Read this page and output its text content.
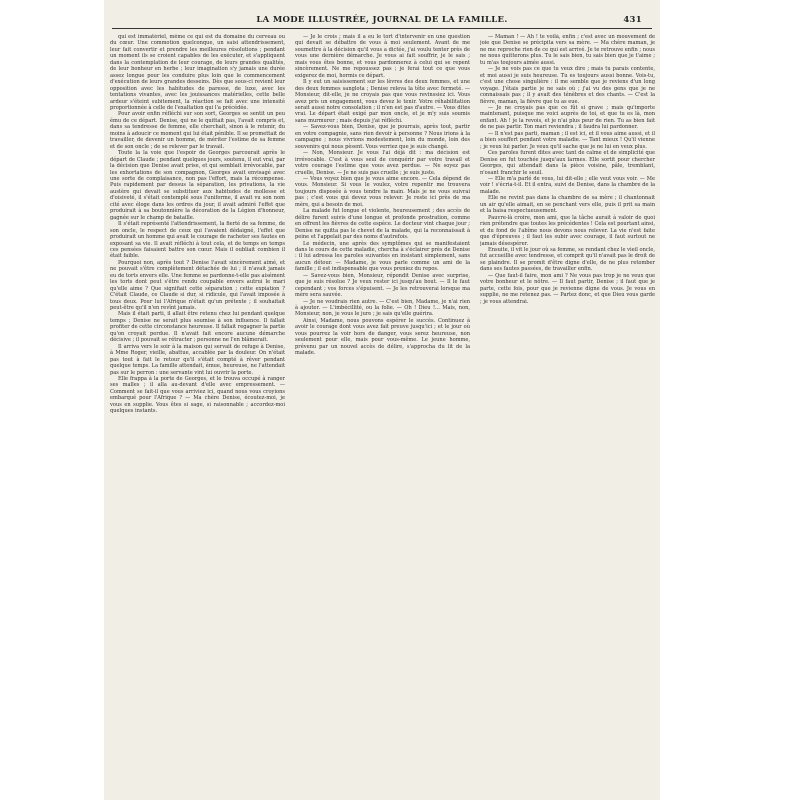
LA MODE ILLUSTRÉE, JOURNAL DE LA FAMILLE.	431

qui est immatériel, même ce qui est du domaine du cerveau ou du cœur. Une commotion quelconque, un saisi attendrissement, leur fait convertir et prendre les meilleures résolutions ; pendant un moment ils se croient capables de les exécuter, et s'appliquent dans la contemplation de leur courage, de leurs grandes qualités, de leur bonheur en herbe ; leur imagination s'y jamais une durée assez longue pour les conduire plus loin que le commencement d'exécution de leurs grandes desseins. Dès que sous-ci revient leur opposition avec les habitudes de paresse, de luxe, avec les tentations vivantes, avec les jouissances matérielles, cette belle ardeur s'éteint subitement, la réaction se fait avec une intensité proportionnée à celle de l'exaltation qui l'a précédée.

Pour avoir enfin réfléchi sur son sort, Georges se sentit un peu ému de ce départ. Denise, qui ne le quittait pas, l'avait compris et, dans sa tendresse de femme, elle cherchait, sinon à le retenir, du moins à adoucir ce moment qui lui était pénible. Il se promettait de travailler, de devenir un homme, de mériter l'estime de sa femme et de son oncle ; de se relever par le travail.

Toute la la voie que l'espoir de Georges parcourait après le départ de Claude ; pendant quelques jours, soutenu, il eut vrai, par la décision que Denise avait prise, et qui semblait irrévocable, par les exhortations de son compagnon, Georges avait envisagé avec une sorte de complaisance, non pas l'effort, mais la récompense. Puis rapidement par dessus la séparation, les privations, la vie austère qui devait se substituer aux habitudes de mollesse et d'oisiveté, il s'était contemplé sous l'uniforme, il avait vu son nom cité avec éloge dans les ordres du jour, il avait admiré l'effet que produirait à sa boutonnière la décoration de la Légion d'honneur, gagnée sur le champ de bataille.

Il s'était représenté l'attendrissement, la fierté de sa femme, de son oncle, le respect de ceux qui l'avaient dédaigné, l'effet que produirait un homme qui avait le courage de racheter ses fautes en exposant sa vie. Il avait réfléchi à tout cela, et de temps en temps ces pensées faisaient battre son cœur. Mais il oubliait combien il était faible.

Pourquoi non, après tout ? Denise l'avait sincèrement aimé, et ne pouvait s'être complètement détachée de lui ; il n'avait jamais eu de torts envers elle. Une femme se pardonne-t-elle pas aisément les torts dont peut s'être rendu coupable envers autrui le mari qu'elle aime ? Que signifiait cette séparation ; cette expiation ? C'était Claude, ce Claude si dur, si ridicule, qui l'avait imposée à tous deux. Pour lui l'Afrique n'était qu'un prétexte ; il souhaitait peut-être qu'il n'en revînt jamais.

Mais il était parti, il allait être retenu chez lui pendant quelque temps ; Denise ne serait plus soumise à son influence. Il fallait profiter de cette circonstance heureuse. Il fallait regagner la partie qu'on croyait perdue. Il n'avait fait encore aucune démarche décisive ; il pouvait se rétracter ; personne ne l'en blâmerait.

Il arriva vers le soir à la maison qui servait de refuge à Denise, à Mme Roger, vieille, abattue, accablée par la douleur. On n'était pas tout à fait le retour qu'il s'était compté à rêver pendant quelque temps. La famille attendait, émue, heureuse, ne l'attendait pas sur le perron : une servante vint lui ouvrir la porte.

Elle frappa à la porte de Georges, et le trouva occupé à ranger ses malles ; il alla au-devant d'elle avec empressement. — Comment se fait-il que vous arriviez ici, quand nous vous croyions embarqué pour l'Afrique ? — Ma chère Denise, écoutez-moi, je vous en supplie. Vous êtes si sage, si raisonnable ; accordez-moi quelques instants.

— Je le crois ; mais il a eu le tort d'intervenir en une question qui devait se débattre de vous à moi seulement. Avant de me soumettre à la décision qu'il vous a dictée, j'ai voulu tenter près de vous une dernière démarche. Je vous ai fait souffrir, je le sais ; mais vous êtes bonne, et vous pardonnerez à celui qui se repent sincèrement. Ne me repoussez pas ; je ferai tout ce que vous exigerez de moi, hormis ce départ.

Il y eut un saisissement sur les lèvres des deux femmes, et une des deux femmes sanglota ; Denise releva la tête avec fermeté. — Monsieur, dit-elle, je ne croyais pas que vous revinssiez ici. Vous avez pris un engagement, vous devez le tenir. Votre réhabilitation serait aussi notre consolation ; il n'en est pas d'autre. — Vous dites vrai. Le départ était exigé par mon oncle, et je m'y suis soumis sans murmurer ; mais depuis j'ai réfléchi.

— Savez-vous bien, Denise, que je pourrais, après tout, partir en votre compagnie, sans rien devoir à personne ? Nous irions à la campagne ; nous vivrions modestement, loin du monde, loin des souvenirs qui nous pèsent. Vous verriez que je suis changé.

— Non, Monsieur. Je vous l'ai déjà dit : ma décision est irrévocable. C'est à vous seul de conquérir par votre travail et votre courage l'estime que vous avez perdue. — Ne soyez pas cruelle, Denise. — Je ne suis pas cruelle ; je suis juste.

— Vous voyez bien que je vous aime encore. — Cela dépend de vous. Monsieur. Si vous le voulez, votre repentir me trouvera toujours disposée à vous tendre la main. Mais je ne vous suivrai pas ; c'est vous qui devez vous relever. Je reste ici près de ma mère, qui a besoin de moi.

La malade fut longue et violente, heureusement ; des accès de délire furent suivis d'une longue et profonde prostration, comme en offrent les fièvres de cette espèce. Le docteur vint chaque jour ; Denise ne quitta pas le chevet de la malade, qui la reconnaissait à peine et l'appelait par des noms d'autrefois.

Le médecin, une après des symptômes qui se manifestaient dans le cours de cette maladie, chercha à s'éclairer près de Denise : il lui adressa les paroles suivantes en insistant simplement, sans aucun détour. — Madame, je vous parle comme un ami de la famille ; il est indispensable que vous preniez du repos.

— Savez-vous bien, Monsieur, répondit Denise avec surprise, que je suis résolue ? Je veux rester ici jusqu'au bout. — Il le faut cependant ; vos forces s'épuisent. — Je les retrouverai lorsque ma mère sera sauvée.

— Je ne voudrais rien autre. — C'est bien, Madame, je n'ai rien à ajouter. — L'imbécillité, ou la folie. — Oh ! Dieu !... Mais, non, Monsieur, non, je vous le jure ; je sais qu'elle guérira.

Ainsi, Madame, nous pouvons espérer le succès. Continuez à avoir le courage dont vous avez fait preuve jusqu'ici ; et le jour où vous pourrez la voir hors de danger, vous serez heureuse, non seulement pour elle, mais pour vous-même. Le jeune homme, prévenu par un nouvel accès de délire, s'approcha du lit de la malade.

— Maman ! — Ah ! te voilà, enfin ; c'est avec un mouvement de joie que Denise se précipita vers sa mère. — Ma chère maman, je ne me reproche rien de ce qui est arrivé. Je te retrouve enfin ; nous ne nous quitterons plus. Tu le sais bien, tu sais bien que je t'aime ; tu m'as toujours aimée aussi.

— Je ne vois pas ce que tu veux dire ; mais tu parais contente, et moi aussi je suis heureuse. Tu es toujours aussi bonne. Vois-tu, c'est une chose singulière : il me semble que je reviens d'un long voyage. J'étais partie je ne sais où ; j'ai vu des gens que je ne connaissais pas ; il y avait des ténèbres et des chants. — C'est la fièvre, maman, la fièvre que tu as eue.

— Je ne croyais pas que ce fût si grave ; mais qu'importe maintenant, puisque me voici auprès de toi, et que tu es là, mon enfant. Ah ! je la revois, et je n'ai plus peur de rien. Tu as bien fait de ne pas partir. Ton mari reviendra ; il faudra lui pardonner.

— Il n'est pas parti, maman ; il est ici, et il vous aime aussi, et il a bien souffert pendant votre maladie. — Tant mieux ! Qu'il vienne ; je veux lui parler. Je veux qu'il sache que je ne lui en veux plus.

Ces paroles furent dites avec tant de calme et de simplicité que Denise en fut touchée jusqu'aux larmes. Elle sortit pour chercher Georges, qui attendait dans la pièce voisine, pâle, tremblant, n'osant franchir le seuil.

— Elle m'a parlé de vous, lui dit-elle ; elle veut vous voir. — Me voir ! s'écria-t-il. Et il entra, suivi de Denise, dans la chambre de la malade.

Elle ne revint pas dans la chambre de sa mère ; il chantonnait un air qu'elle aimait, en se penchant vers elle, puis il prit sa main et la baisa respectueusement.

Pauvre-là croire, mon ami, que la tâche aurait à valoir de quoi rien prétendre que toutes les précédentes ! Cela est pourtant ainsi, et du fond de l'abîme nous devons nous relever. La vie n'est faite que d'épreuves ; il faut les subir avec courage, il faut surtout ne jamais désespérer.

Ensuite, il vit le jour où sa femme, se rendant chez le vieil oncle, fut accueillie avec tendresse, et comprit qu'il n'avait pas le droit de se plaindre. Il se promit d'être digne d'elle, de ne plus retomber dans ses fautes passées, de travailler enfin.

— Que faut-il faire, mon ami ? Ne vous pas trop je ne veux que votre bonheur et le nôtre. — Il faut partir, Denise ; il faut que je parte, cette fois, pour que je revienne digne de vous. Je vous en supplie, ne me retenez pas. — Partez donc, et que Dieu vous garde ; je vous attendrai.
